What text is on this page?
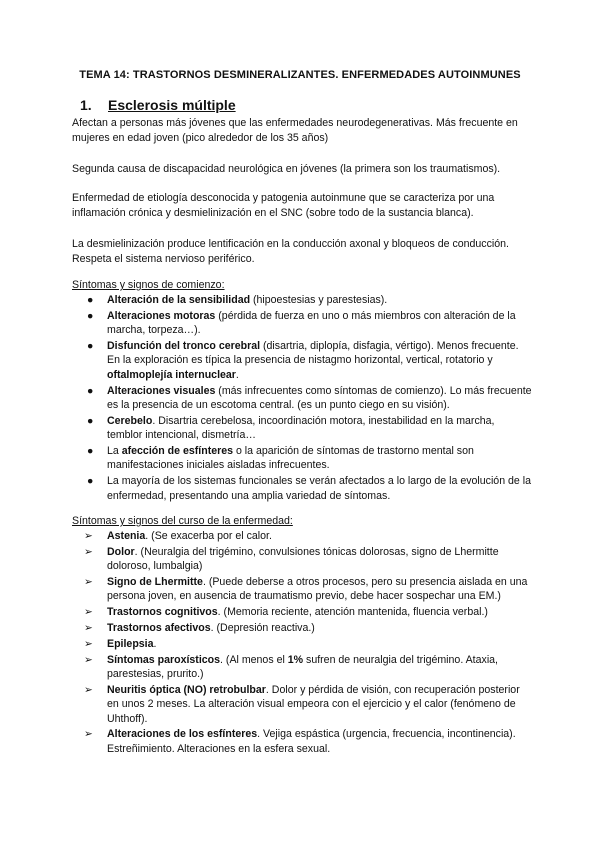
TEMA 14: TRASTORNOS DESMINERALIZANTES. ENFERMEDADES AUTOINMUNES
1. Esclerosis múltiple
Afectan a personas más jóvenes que las enfermedades neurodegenerativas. Más frecuente en mujeres en edad joven (pico alrededor de los 35 años)
Segunda causa de discapacidad neurológica en jóvenes (la primera son los traumatismos).
Enfermedad de etiología desconocida y patogenia autoinmune que se caracteriza por una inflamación crónica y desmielinización en el SNC (sobre todo de la sustancia blanca).
La desmielinización produce lentificación en la conducción axonal y bloqueos de conducción. Respeta el sistema nervioso periférico.
Síntomas y signos de comienzo:
● Alteración de la sensibilidad (hipoestesias y parestesias).
● Alteraciones motoras (pérdida de fuerza en uno o más miembros con alteración de la marcha, torpeza…).
● Disfunción del tronco cerebral (disartria, diplopía, disfagia, vértigo). Menos frecuente. En la exploración es típica la presencia de nistagmo horizontal, vertical, rotatorio y oftalmoplejía internuclear.
● Alteraciones visuales (más infrecuentes como síntomas de comienzo). Lo más frecuente es la presencia de un escotoma central. (es un punto ciego en su visión).
● Cerebelo. Disartria cerebelosa, incoordinación motora, inestabilidad en la marcha, temblor intencional, dismetría…
● La afección de esfínteres o la aparición de síntomas de trastorno mental son manifestaciones iniciales aisladas infrecuentes.
● La mayoría de los sistemas funcionales se verán afectados a lo largo de la evolución de la enfermedad, presentando una amplia variedad de síntomas.
Síntomas y signos del curso de la enfermedad:
➢ Astenia. (Se exacerba por el calor.
➢ Dolor. (Neuralgia del trigémino, convulsiones tónicas dolorosas, signo de Lhermitte doloroso, lumbalgia)
➢ Signo de Lhermitte. (Puede deberse a otros procesos, pero su presencia aislada en una persona joven, en ausencia de traumatismo previo, debe hacer sospechar una EM.)
➢ Trastornos cognitivos. (Memoria reciente, atención mantenida, fluencia verbal.)
➢ Trastornos afectivos. (Depresión reactiva.)
➢ Epilepsia.
➢ Síntomas paroxísticos. (Al menos el 1% sufren de neuralgia del trigémino. Ataxia, parestesias, prurito.)
➢ Neuritis óptica (NO) retrobulbar. Dolor y pérdida de visión, con recuperación posterior en unos 2 meses. La alteración visual empeora con el ejercicio y el calor (fenómeno de Uhthoff).
➢ Alteraciones de los esfínteres. Vejiga espástica (urgencia, frecuencia, incontinencia). Estreñimiento. Alteraciones en la esfera sexual.
